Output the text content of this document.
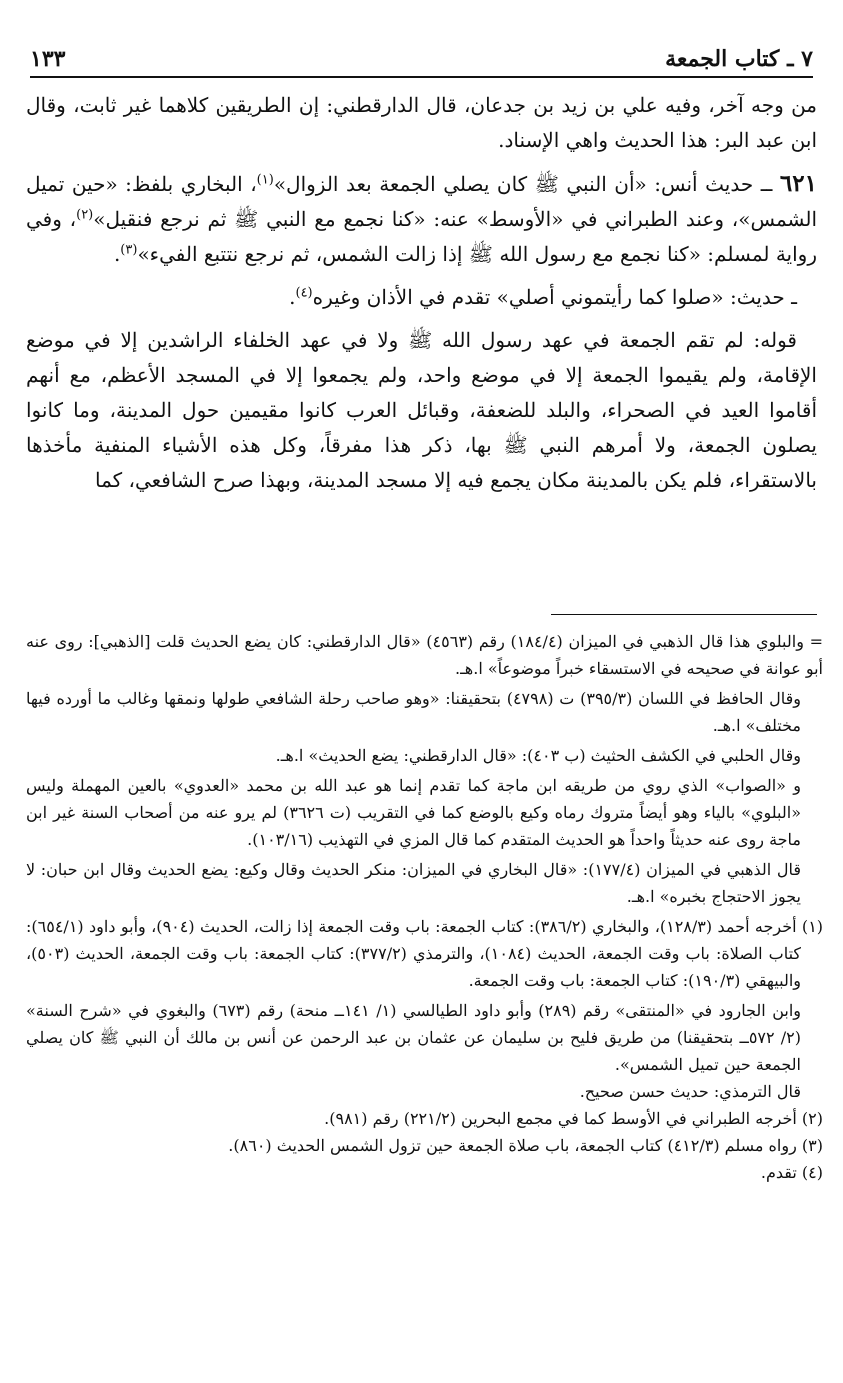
٧ ـ كتاب الجمعة
١٣٣

من وجه آخر، وفيه علي بن زيد بن جدعان، قال الدارقطني: إن الطريقين كلاهما غير ثابت، وقال ابن عبد البر: هذا الحديث واهي الإسناد.

٦٢١ ــ حديث أنس: «أن النبي ﷺ كان يصلي الجمعة بعد الزوال»$^{(١)}$، البخاري بلفظ: «حين تميل الشمس»، وعند الطبراني في «الأوسط» عنه: «كنا نجمع مع النبي ﷺ ثم نرجع فنقيل»$^{(٢)}$، وفي رواية لمسلم: «كنا نجمع مع رسول الله ﷺ إذا زالت الشمس، ثم نرجع نتتبع الفيء»$^{(٣)}$.

ـ حديث: «صلوا كما رأيتموني أصلي» تقدم في الأذان وغيره$^{(٤)}$.

قوله: لم تقم الجمعة في عهد رسول الله ﷺ ولا في عهد الخلفاء الراشدين إلا في موضع الإقامة، ولم يقيموا الجمعة إلا في موضع واحد، ولم يجمعوا إلا في المسجد الأعظم، مع أنهم أقاموا العيد في الصحراء، والبلد للضعفة، وقبائل العرب كانوا مقيمين حول المدينة، وما كانوا يصلون الجمعة، ولا أمرهم النبي ﷺ بها، ذكر هذا مفرقاً، وكل هذه الأشياء المنفية مأخذها بالاستقراء، فلم يكن بالمدينة مكان يجمع فيه إلا مسجد المدينة، وبهذا صرح الشافعي، كما

= والبلوي هذا قال الذهبي في الميزان (١٨٤/٤) رقم (٤٥٦٣) «قال الدارقطني: كان يضع الحديث قلت [الذهبي]: روى عنه أبو عوانة في صحيحه في الاستسقاء خبراً موضوعاً» ا.هـ.

وقال الحافظ في اللسان (٣٩٥/٣) ت (٤٧٩٨) بتحقيقنا: «وهو صاحب رحلة الشافعي طولها ونمقها وغالب ما أورده فيها مختلف» ا.هـ.

وقال الحلبي في الكشف الحثيث (ب ٤٠٣): «قال الدارقطني: يضع الحديث» ا.هـ.

و «الصواب» الذي روي من طريقه ابن ماجة كما تقدم إنما هو عبد الله بن محمد «العدوي» بالعين المهملة وليس «البلوي» بالياء وهو أيضاً متروك رماه وكيع بالوضع كما في التقريب (ت ٣٦٢٦) لم يرو عنه من أصحاب السنة غير ابن ماجة روى عنه حديثاً واحداً هو الحديث المتقدم كما قال المزي في التهذيب (١٠٣/١٦).

قال الذهبي في الميزان (١٧٧/٤): «قال البخاري في الميزان: منكر الحديث وقال وكيع: يضع الحديث وقال ابن حبان: لا يجوز الاحتجاج بخبره» ا.هـ.

(١) أخرجه أحمد (١٢٨/٣)، والبخاري (٣٨٦/٢): كتاب الجمعة: باب وقت الجمعة إذا زالت، الحديث (٩٠٤)، وأبو داود (٦٥٤/١): كتاب الصلاة: باب وقت الجمعة، الحديث (١٠٨٤)، والترمذي (٣٧٧/٢): كتاب الجمعة: باب وقت الجمعة، الحديث (٥٠٣)، والبيهقي (١٩٠/٣): كتاب الجمعة: باب وقت الجمعة.

وابن الجارود في «المنتقى» رقم (٢٨٩) وأبو داود الطيالسي (١/ ١٤١ــ منحة) رقم (٦٧٣) والبغوي في «شرح السنة» (٢/ ٥٧٢ــ بتحقيقنا) من طريق فليح بن سليمان عن عثمان بن عبد الرحمن عن أنس بن مالك أن النبي ﷺ كان يصلي الجمعة حين تميل الشمس».

قال الترمذي: حديث حسن صحيح.

(٢) أخرجه الطبراني في الأوسط كما في مجمع البحرين (٢٢١/٢) رقم (٩٨١).

(٣) رواه مسلم (٤١٢/٣) كتاب الجمعة، باب صلاة الجمعة حين تزول الشمس الحديث (٨٦٠).

(٤) تقدم.
